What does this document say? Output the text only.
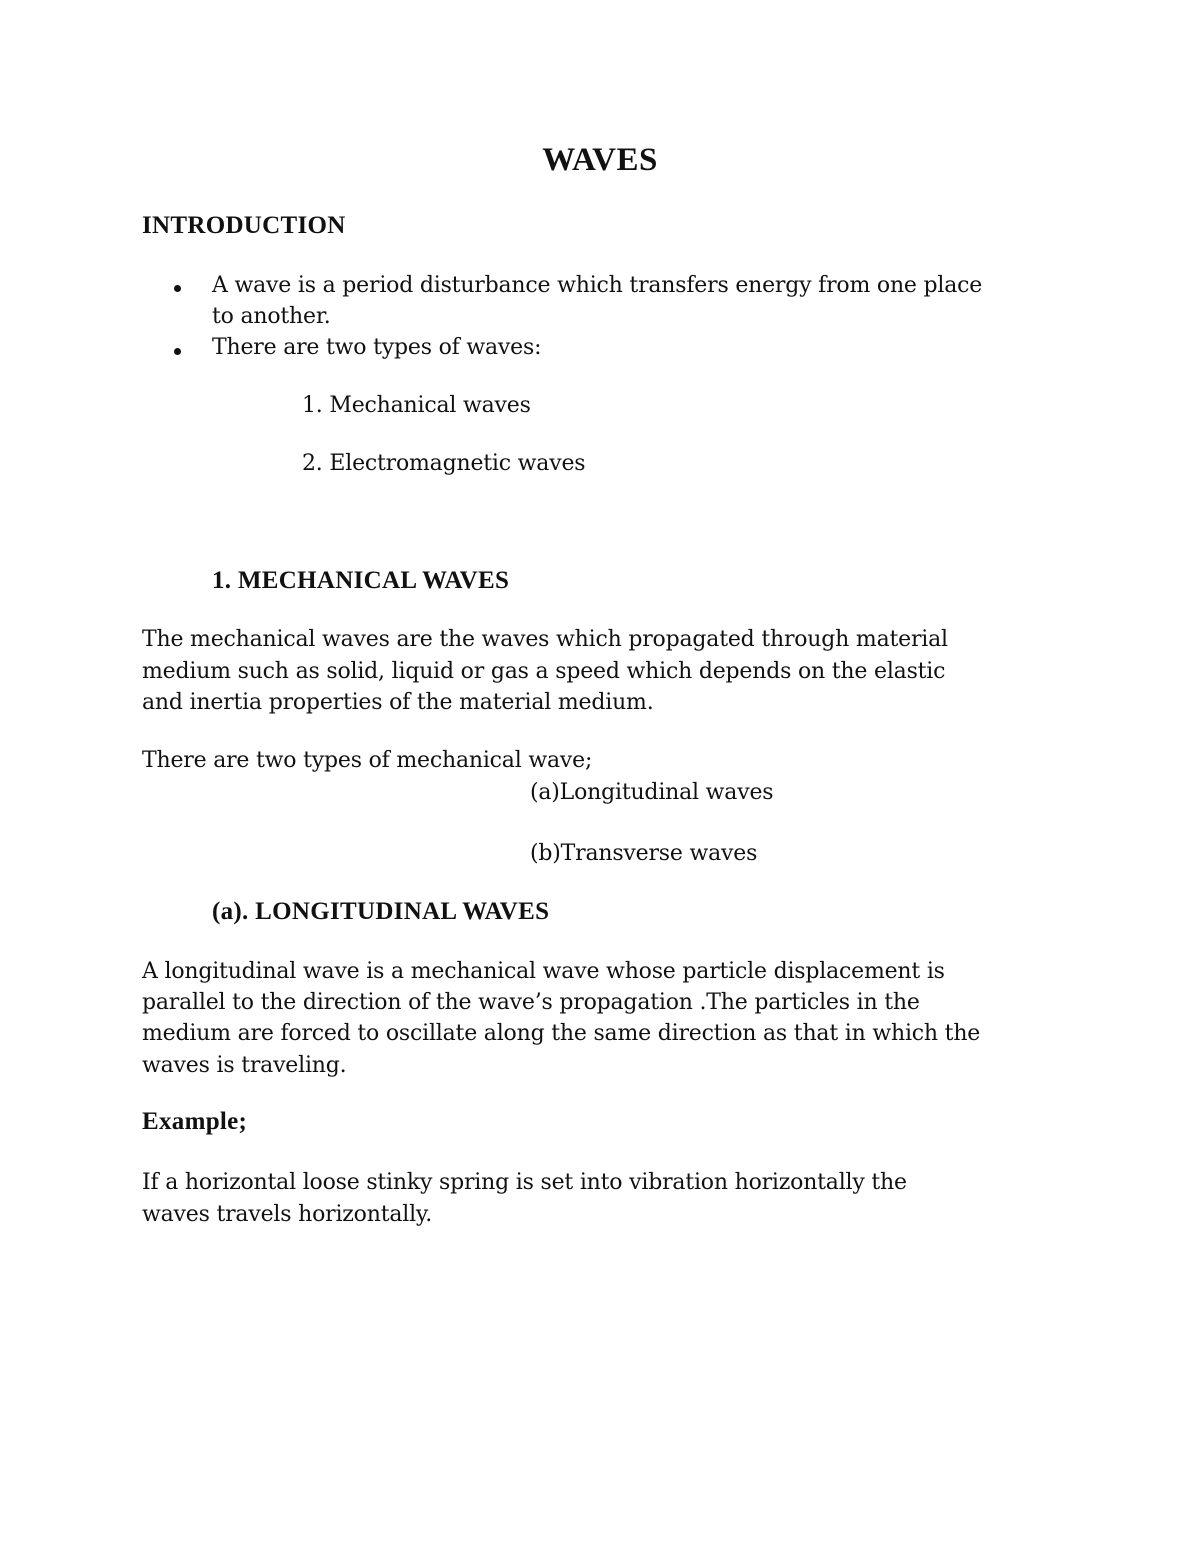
WAVES
INTRODUCTION
A wave is a period disturbance which transfers energy from one place
to another.
There are two types of waves:
1. Mechanical waves
2. Electromagnetic waves
1. MECHANICAL WAVES
The mechanical waves are the waves which propagated through material
medium such as solid, liquid or gas a speed which depends on the elastic
and inertia properties of the material medium.
There are two types of mechanical wave;
(a)Longitudinal waves
(b)Transverse waves
(a). LONGITUDINAL WAVES
A longitudinal wave is a mechanical wave whose particle displacement is
parallel to the direction of the wave’s propagation .The particles in the
medium are forced to oscillate along the same direction as that in which the
waves is traveling.
Example;
If a horizontal loose stinky spring is set into vibration horizontally the
waves travels horizontally.
